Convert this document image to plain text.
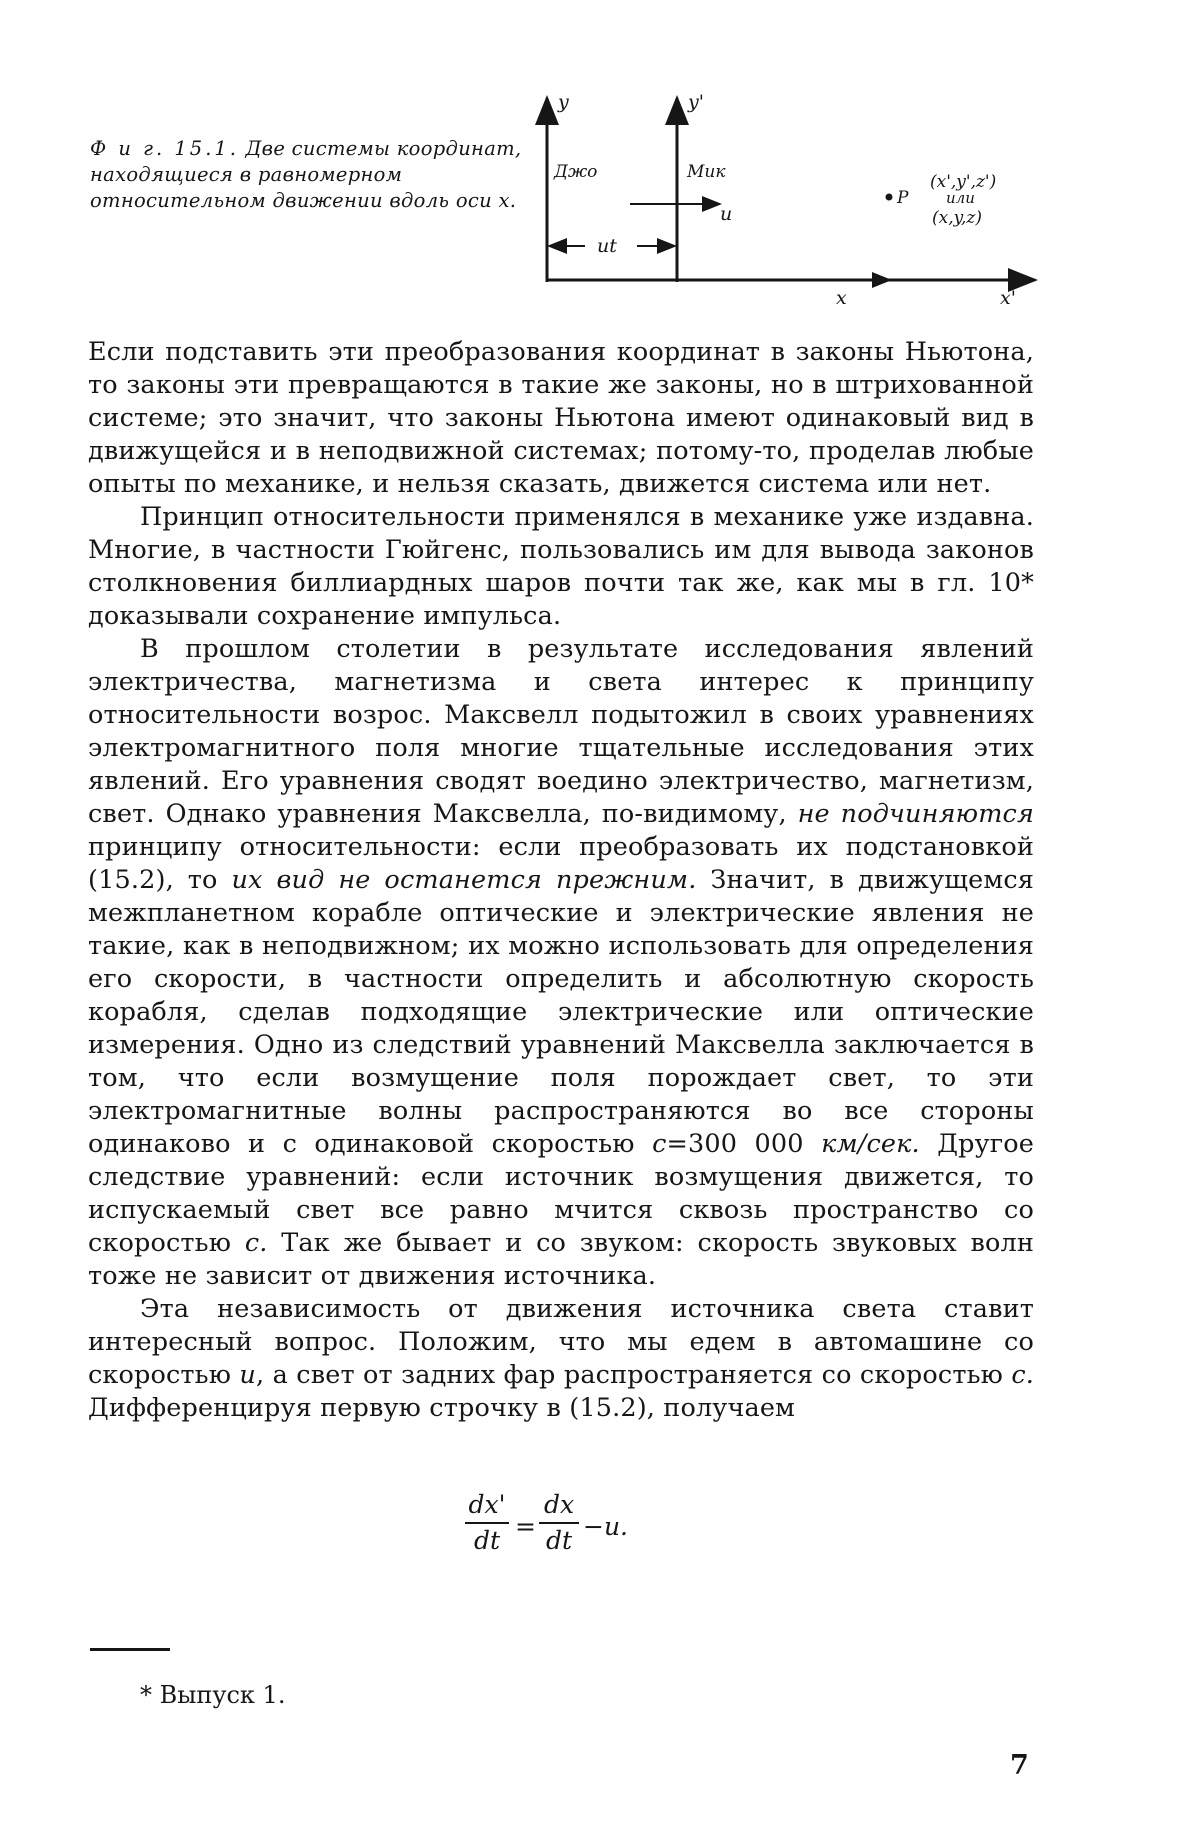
Ф и г. 15.1. Две системы координат, находящиеся в равномерном относительном движении вдоль оси x.
y	y'
Джо	Мик
u
ut
P
(x',y',z')
или
(x,y,z)
x	x'

Если подставить эти преобразования координат в законы Ньютона, то законы эти превращаются в такие же законы, но в штрихованной системе; это значит, что законы Ньютона имеют одинаковый вид в движущейся и в неподвижной системах; потому-то, проделав любые опыты по механике, и нельзя сказать, движется система или нет.

Принцип относительности применялся в механике уже издавна. Многие, в частности Гюйгенс, пользовались им для вывода законов столкновения биллиардных шаров почти так же, как мы в гл. 10* доказывали сохранение импульса.

В прошлом столетии в результате исследования явлений электричества, магнетизма и света интерес к принципу относительности возрос. Максвелл подытожил в своих уравнениях электромагнитного поля многие тщательные исследования этих явлений. Его уравнения сводят воедино электричество, магнетизм, свет. Однако уравнения Максвелла, по-видимому, не подчиняются принципу относительности: если преобразовать их подстановкой (15.2), то их вид не останется прежним. Значит, в движущемся межпланетном корабле оптические и электрические явления не такие, как в неподвижном; их можно использовать для определения его скорости, в частности определить и абсолютную скорость корабля, сделав подходящие электрические или оптические измерения. Одно из следствий уравнений Максвелла заключается в том, что если возмущение поля порождает свет, то эти электромагнитные волны распространяются во все стороны одинаково и с одинаковой скоростью c=300 000 км/сек. Другое следствие уравнений: если источник возмущения движется, то испускаемый свет все равно мчится сквозь пространство со скоростью c. Так же бывает и со звуком: скорость звуковых волн тоже не зависит от движения источника.

Эта независимость от движения источника света ставит интересный вопрос. Положим, что мы едем в автомашине со скоростью u, а свет от задних фар распространяется со скоростью c. Дифференцируя первую строчку в (15.2), получаем

dx'
dt =
dx
dt −u.
* Выпуск 1.
7
